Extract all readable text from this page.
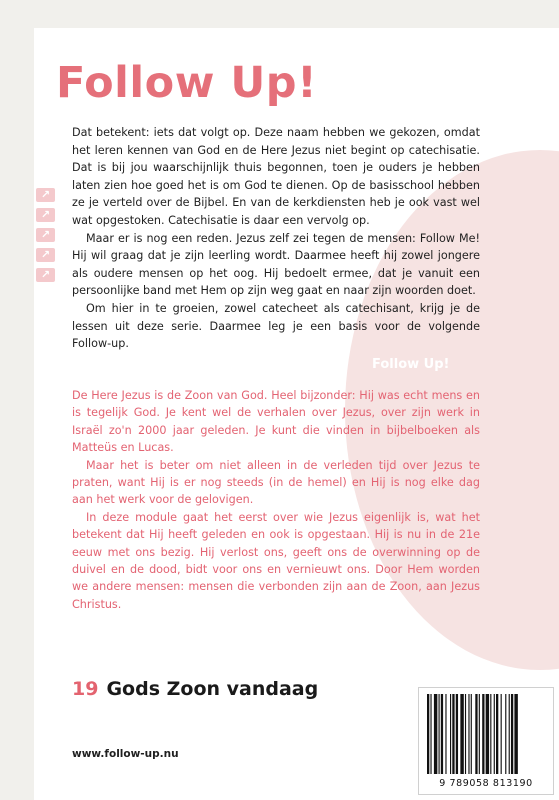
Follow Up!
↗
↗
↗
↗
↗

Dat betekent: iets dat volgt op. Deze naam hebben we gekozen, omdat het leren kennen van God en de Here Jezus niet begint op catechisatie. Dat is bij jou waarschijnlijk thuis begonnen, toen je ouders je hebben laten zien hoe goed het is om God te dienen. Op de basisschool hebben ze je verteld over de Bijbel. En van de kerkdiensten heb je ook vast wel wat opgestoken. Catechisatie is daar een vervolg op.

Maar er is nog een reden. Jezus zelf zei tegen de mensen: Follow Me! Hij wil graag dat je zijn leerling wordt. Daarmee heeft hij zowel jongere als oudere mensen op het oog. Hij bedoelt ermee, dat je vanuit een persoonlijke band met Hem op zijn weg gaat en naar zijn woorden doet.

Om hier in te groeien, zowel catecheet als catechisant, krijg je de lessen uit deze serie. Daarmee leg je een basis voor de volgende Follow-up.

Follow Up!

De Here Jezus is de Zoon van God. Heel bijzonder: Hij was echt mens en is tegelijk God. Je kent wel de verhalen over Jezus, over zijn werk in Israël zo'n 2000 jaar geleden. Je kunt die vinden in bijbelboeken als Matteüs en Lucas.

Maar het is beter om niet alleen in de verleden tijd over Jezus te praten, want Hij is er nog steeds (in de hemel) en Hij is nog elke dag aan het werk voor de gelovigen.

In deze module gaat het eerst over wie Jezus eigenlijk is, wat het betekent dat Hij heeft geleden en ook is opgestaan. Hij is nu in de 21e eeuw met ons bezig. Hij verlost ons, geeft ons de overwinning op de duivel en de dood, bidt voor ons en vernieuwt ons. Door Hem worden we andere mensen: mensen die verbonden zijn aan de Zoon, aan Jezus Christus.

19 Gods Zoon vandaag

www.follow-up.nu

9 789058 813190
